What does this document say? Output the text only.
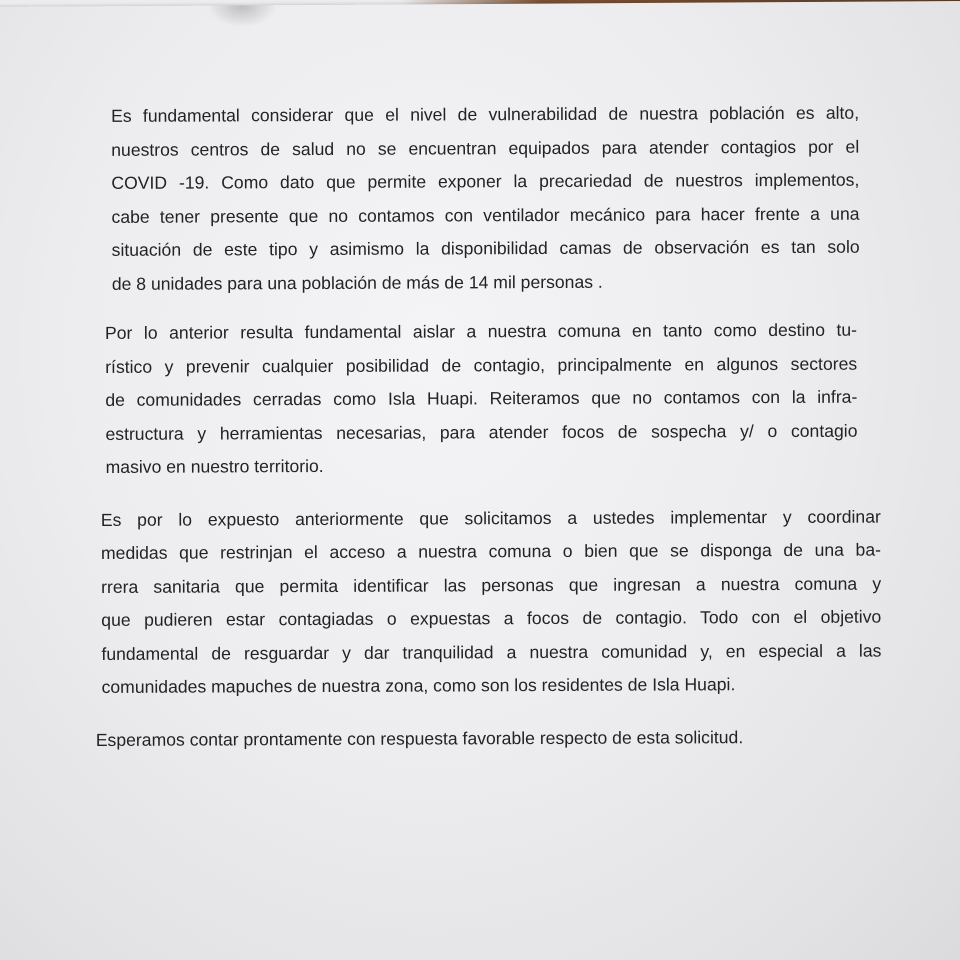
Es fundamental considerar que el nivel de vulnerabilidad de nuestra población es alto,
nuestros centros de salud no se encuentran equipados para atender contagios por el
COVID -19. Como dato que permite exponer la precariedad de nuestros implementos,
cabe tener presente que no contamos con ventilador mecánico para hacer frente a una
situación de este tipo y asimismo la disponibilidad camas de observación es tan solo
de 8 unidades para una población de más de 14 mil personas .

Por lo anterior resulta fundamental aislar a nuestra comuna en tanto como destino tu-
rístico y prevenir cualquier posibilidad de contagio, principalmente en algunos sectores
de comunidades cerradas como Isla Huapi. Reiteramos que no contamos con la infra-
estructura y herramientas necesarias, para atender focos de sospecha y/ o contagio
masivo en nuestro territorio.

Es por lo expuesto anteriormente que solicitamos a ustedes implementar y coordinar
medidas que restrinjan el acceso a nuestra comuna o bien que se disponga de una ba-
rrera sanitaria que permita identificar las personas que ingresan a nuestra comuna y
que pudieren estar contagiadas o expuestas a focos de contagio. Todo con el objetivo
fundamental de resguardar y dar tranquilidad a nuestra comunidad y, en especial a las
comunidades mapuches de nuestra zona, como son los residentes de Isla Huapi.

Esperamos contar prontamente con respuesta favorable respecto de esta solicitud.
